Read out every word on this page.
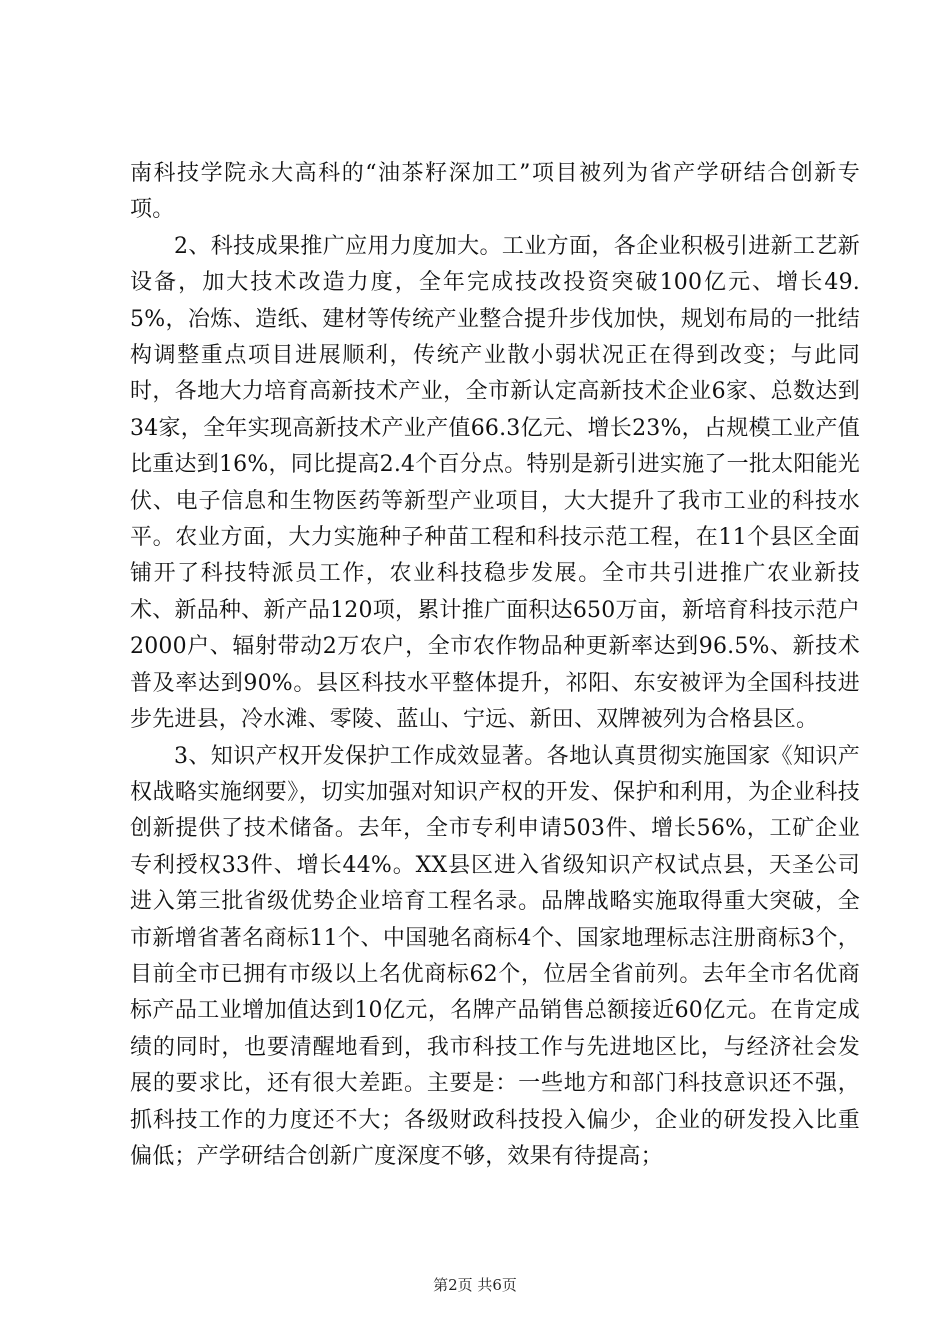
南科技学院永大高科的“油茶籽深加工”项目被列为省产学研结合创新专项。

2、科技成果推广应用力度加大。工业方面，各企业积极引进新工艺新设备，加大技术改造力度，全年完成技改投资突破100亿元、增长49.5%，冶炼、造纸、建材等传统产业整合提升步伐加快，规划布局的一批结构调整重点项目进展顺利，传统产业散小弱状况正在得到改变；与此同时，各地大力培育高新技术产业，全市新认定高新技术企业6家、总数达到34家，全年实现高新技术产业产值66.3亿元、增长23%，占规模工业产值比重达到16%，同比提高2.4个百分点。特别是新引进实施了一批太阳能光伏、电子信息和生物医药等新型产业项目，大大提升了我市工业的科技水平。农业方面，大力实施种子种苗工程和科技示范工程，在11个县区全面铺开了科技特派员工作，农业科技稳步发展。全市共引进推广农业新技术、新品种、新产品120项，累计推广面积达650万亩，新培育科技示范户2000户、辐射带动2万农户，全市农作物品种更新率达到96.5%、新技术普及率达到90%。县区科技水平整体提升，祁阳、东安被评为全国科技进步先进县，冷水滩、零陵、蓝山、宁远、新田、双牌被列为合格县区。

3、知识产权开发保护工作成效显著。各地认真贯彻实施国家《知识产权战略实施纲要》，切实加强对知识产权的开发、保护和利用，为企业科技创新提供了技术储备。去年，全市专利申请503件、增长56%，工矿企业专利授权33件、增长44%。XX县区进入省级知识产权试点县，天圣公司进入第三批省级优势企业培育工程名录。品牌战略实施取得重大突破，全市新增省著名商标11个、中国驰名商标4个、国家地理标志注册商标3个，目前全市已拥有市级以上名优商标62个，位居全省前列。去年全市名优商标产品工业增加值达到10亿元，名牌产品销售总额接近60亿元。在肯定成绩的同时，也要清醒地看到，我市科技工作与先进地区比，与经济社会发展的要求比，还有很大差距。主要是：一些地方和部门科技意识还不强，抓科技工作的力度还不大；各级财政科技投入偏少，企业的研发投入比重偏低；产学研结合创新广度深度不够，效果有待提高；

第2页 共6页
